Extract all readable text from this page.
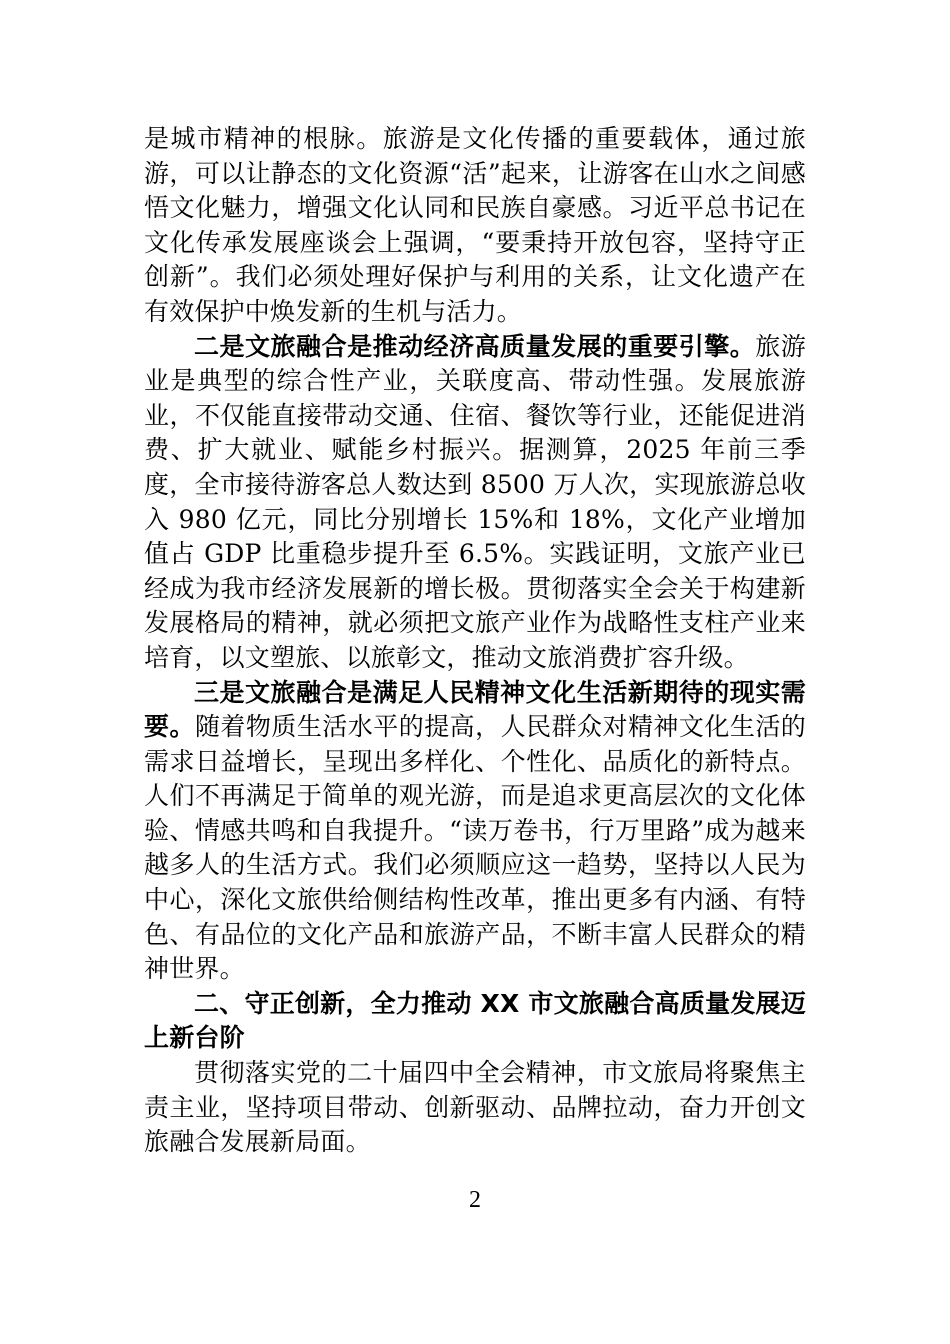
是城市精神的根脉。旅游是文化传播的重要载体，通过旅游，可以让静态的文化资源“活”起来，让游客在山水之间感悟文化魅力，增强文化认同和民族自豪感。习近平总书记在文化传承发展座谈会上强调，“要秉持开放包容，坚持守正创新”。我们必须处理好保护与利用的关系，让文化遗产在有效保护中焕发新的生机与活力。

二是文旅融合是推动经济高质量发展的重要引擎。旅游业是典型的综合性产业，关联度高、带动性强。发展旅游业，不仅能直接带动交通、住宿、餐饮等行业，还能促进消费、扩大就业、赋能乡村振兴。据测算，2025 年前三季度，全市接待游客总人数达到 8500 万人次，实现旅游总收入 980 亿元，同比分别增长 15%和 18%，文化产业增加值占 GDP 比重稳步提升至 6.5%。实践证明，文旅产业已经成为我市经济发展新的增长极。贯彻落实全会关于构建新发展格局的精神，就必须把文旅产业作为战略性支柱产业来培育，以文塑旅、以旅彰文，推动文旅消费扩容升级。

三是文旅融合是满足人民精神文化生活新期待的现实需要。随着物质生活水平的提高，人民群众对精神文化生活的需求日益增长，呈现出多样化、个性化、品质化的新特点。人们不再满足于简单的观光游，而是追求更高层次的文化体验、情感共鸣和自我提升。“读万卷书，行万里路”成为越来越多人的生活方式。我们必须顺应这一趋势，坚持以人民为中心，深化文旅供给侧结构性改革，推出更多有内涵、有特色、有品位的文化产品和旅游产品，不断丰富人民群众的精神世界。

二、守正创新，全力推动 XX 市文旅融合高质量发展迈上新台阶

贯彻落实党的二十届四中全会精神，市文旅局将聚焦主责主业，坚持项目带动、创新驱动、品牌拉动，奋力开创文旅融合发展新局面。

2
